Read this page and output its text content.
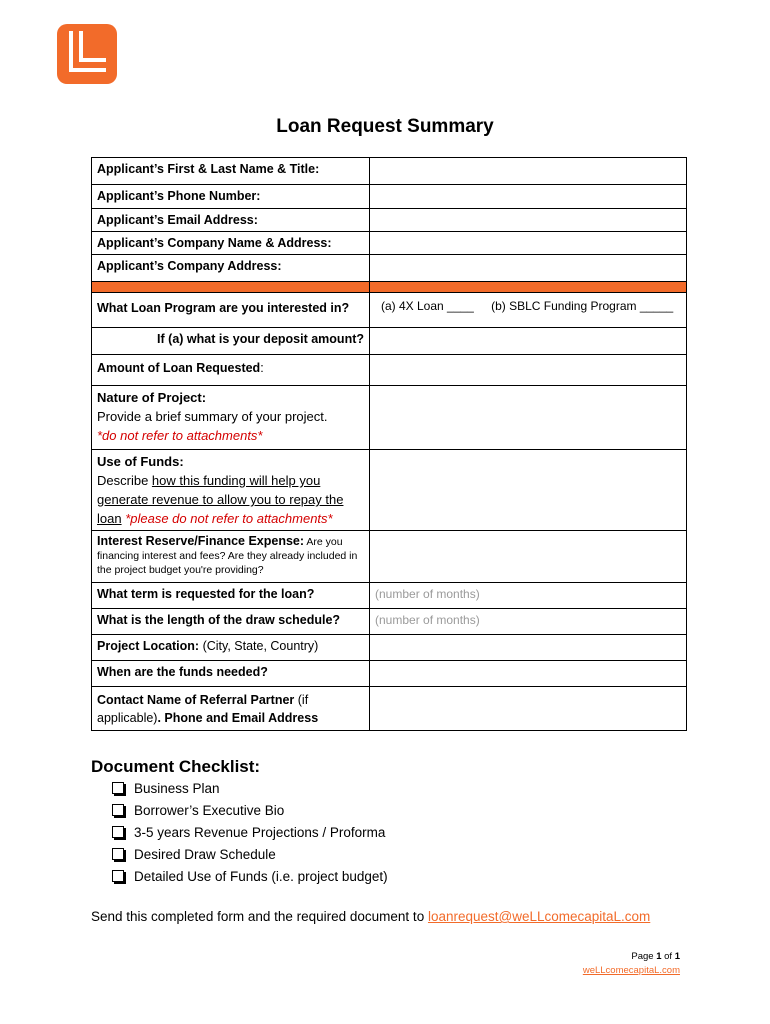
Loan Request Summary
Applicant’s First & Last Name & Title:	
Applicant’s Phone Number:	
Applicant’s Email Address:	
Applicant’s Company Name & Address:	
Applicant’s Company Address:	

What Loan Program are you interested in?	(a) 4X Loan ____ (b) SBLC Funding Program _____
If (a) what is your deposit amount?	
Amount of Loan Requested:	

Nature of Project:
Provide a brief summary of your project.
*do not refer to attachments*	

Use of Funds:
Describe how this funding will help you generate revenue to allow you to repay the loan *please do not refer to attachments*	
Interest Reserve/Finance Expense: Are you financing interest and fees? Are they already included in the project budget you're providing?	
What term is requested for the loan?	(number of months)
What is the length of the draw schedule?	(number of months)
Project Location: (City, State, Country)	
When are the funds needed?	
Contact Name of Referral Partner (if applicable). Phone and Email Address	
Document Checklist:
Business Plan
Borrower’s Executive Bio
3-5 years Revenue Projections / Proforma
Desired Draw Schedule
Detailed Use of Funds (i.e. project budget)
Send this completed form and the required document to loanrequest@weLLcomecapitaL.com
Page 1 of 1
weLLcomecapitaL.com
